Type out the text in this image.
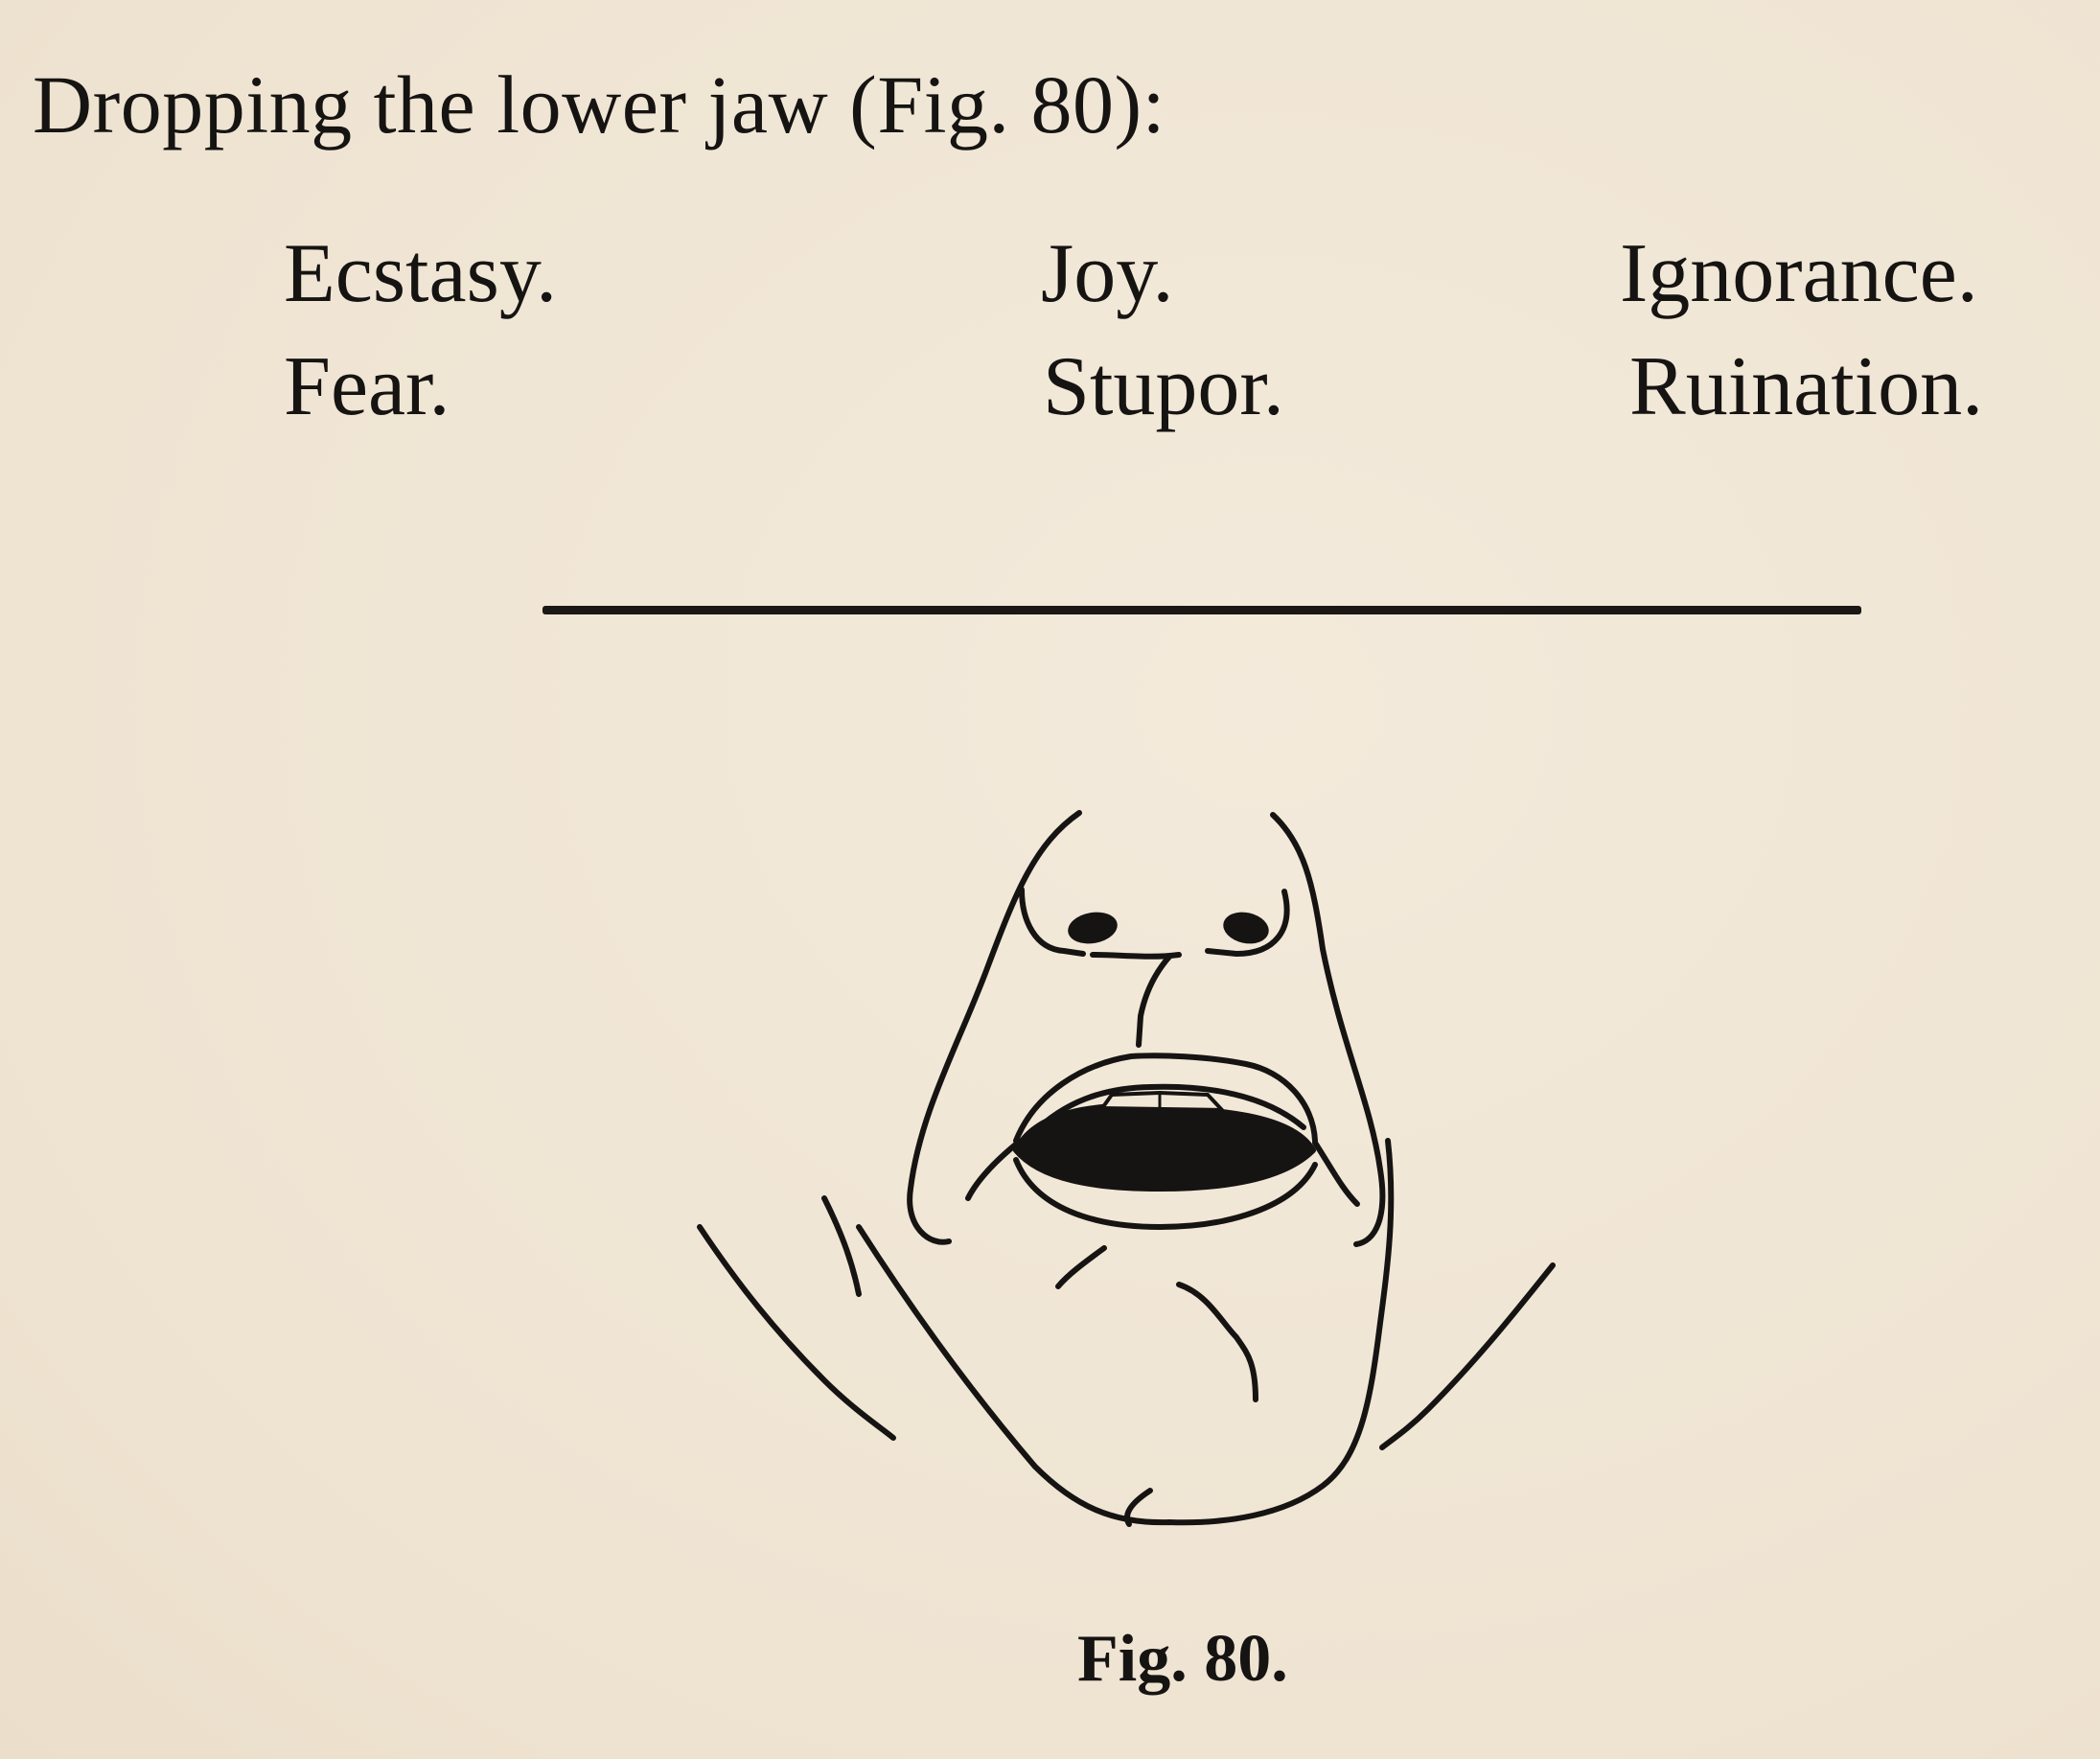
Dropping the lower jaw (Fig. 80):
Ecstasy.
Fear.
Joy.
Stupor.
Ignorance.
Ruination.
Fig. 80.
